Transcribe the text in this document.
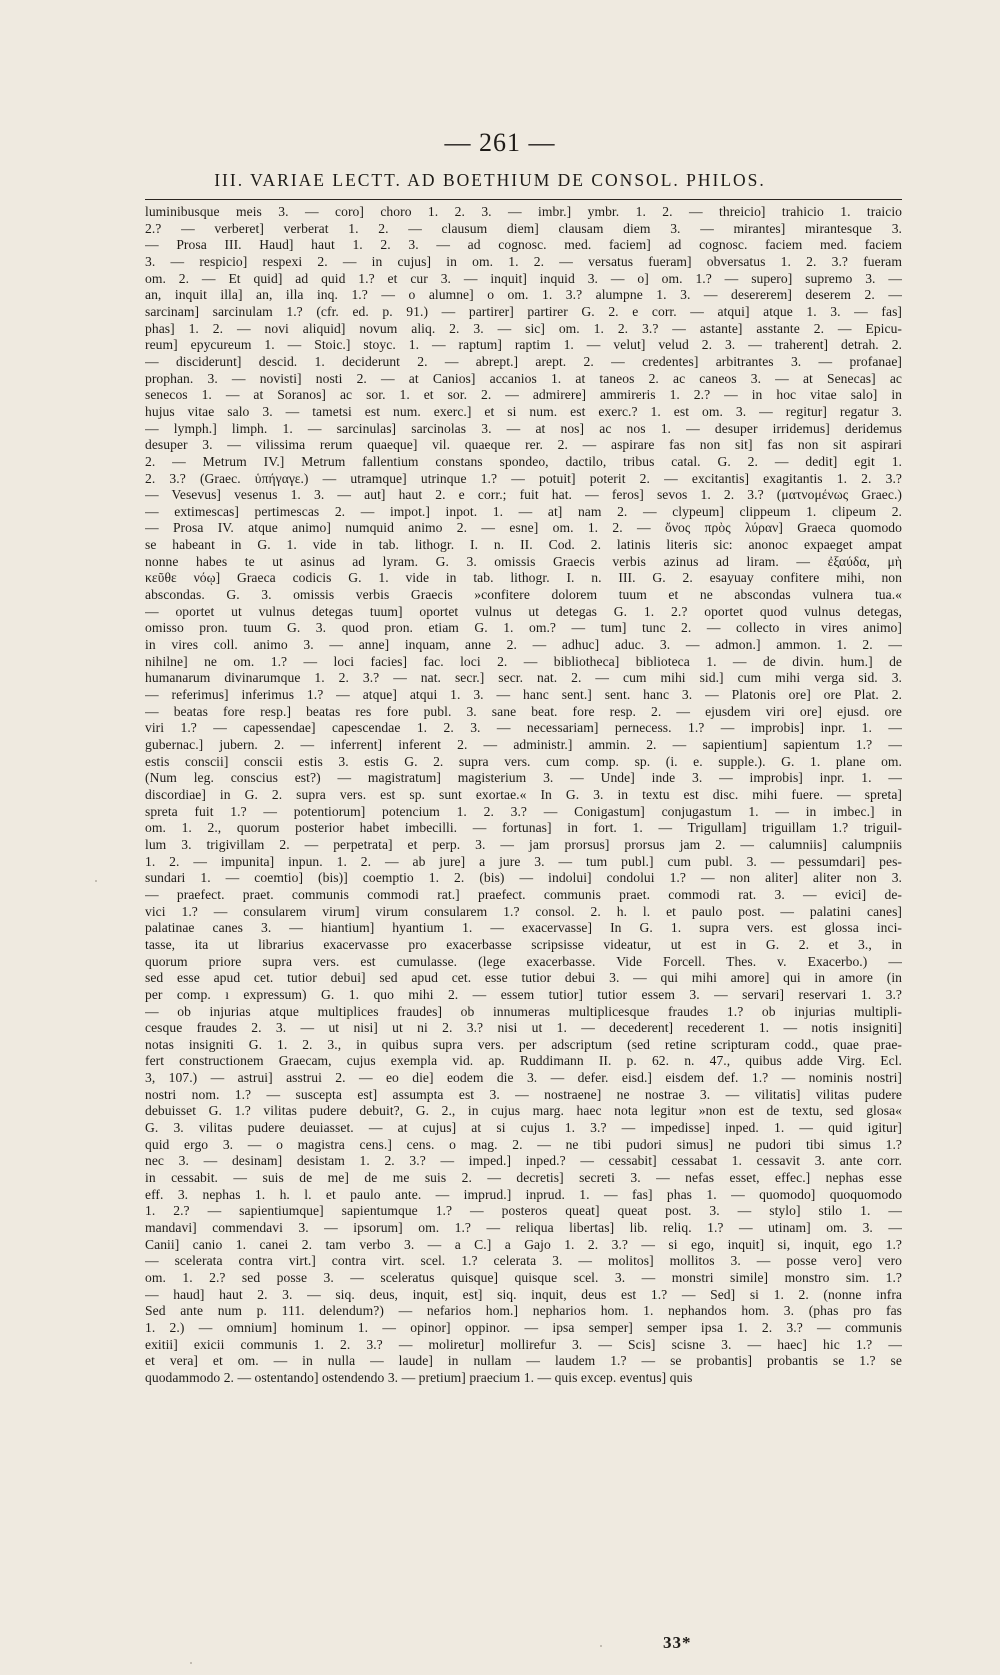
— 261 —
III. VARIAE LECTT. AD BOETHIUM DE CONSOL. PHILOS.
luminibusque meis 3. — coro] choro 1. 2. 3. — imbr.] ymbr. 1. 2. — threicio] trahicio 1. traicio
2.? — verberet] verberat 1. 2. — clausum diem] clausam diem 3. — mirantes] mirantesque 3.
— Prosa III. Haud] haut 1. 2. 3. — ad cognosc. med. faciem] ad cognosc. faciem med. faciem
3. — respicio] respexi 2. — in cujus] in om. 1. 2. — versatus fueram] obversatus 1. 2. 3.? fueram
om. 2. — Et quid] ad quid 1.? et cur 3. — inquit] inquid 3. — o] om. 1.? — supero] supremo 3. —
an, inquit illa] an, illa inq. 1.? — o alumne] o om. 1. 3.? alumpne 1. 3. — desererem] deserem 2. —
sarcinam] sarcinulam 1.? (cfr. ed. p. 91.) — partirer] partirer G. 2. e corr. — atqui] atque 1. 3. — fas]
phas] 1. 2. — novi aliquid] novum aliq. 2. 3. — sic] om. 1. 2. 3.? — astante] asstante 2. — Epicu-
reum] epycureum 1. — Stoic.] stoyc. 1. — raptum] raptim 1. — velut] velud 2. 3. — traherent] detrah. 2.
— disciderunt] descid. 1. deciderunt 2. — abrept.] arept. 2. — credentes] arbitrantes 3. — profanae]
prophan. 3. — novisti] nosti 2. — at Canios] accanios 1. at taneos 2. ac caneos 3. — at Senecas] ac
senecos 1. — at Soranos] ac sor. 1. et sor. 2. — admirere] ammireris 1. 2.? — in hoc vitae salo] in
hujus vitae salo 3. — tametsi est num. exerc.] et si num. est exerc.? 1. est om. 3. — regitur] regatur 3.
— lymph.] limph. 1. — sarcinulas] sarcinolas 3. — at nos] ac nos 1. — desuper irridemus] deridemus
desuper 3. — vilissima rerum quaeque] vil. quaeque rer. 2. — aspirare fas non sit] fas non sit aspirari
2. — Metrum IV.] Metrum fallentium constans spondeo, dactilo, tribus catal. G. 2. — dedit] egit 1.
2. 3.? (Graec. ὑπήγαγε.) — utramque] utrinque 1.? — potuit] poterit 2. — excitantis] exagitantis 1. 2. 3.?
— Vesevus] vesenus 1. 3. — aut] haut 2. e corr.; fuit hat. — feros] sevos 1. 2. 3.? (ματνομένως Graec.)
— extimescas] pertimescas 2. — impot.] inpot. 1. — at] nam 2. — clypeum] clippeum 1. clipeum 2.
— Prosa IV. atque animo] numquid animo 2. — esne] om. 1. 2. — ὄνος πρὸς λύραν] Graeca quomodo
se habeant in G. 1. vide in tab. lithogr. I. n. II. Cod. 2. latinis literis sic: anonoc expaeget ampat
nonne habes te ut asinus ad lyram. G. 3. omissis Graecis verbis azinus ad liram. — ἐξαύδα, μὴ
κεῦθε νόῳ] Graeca codicis G. 1. vide in tab. lithogr. I. n. III. G. 2. esayuay confitere mihi, non
abscondas. G. 3. omissis verbis Graecis »confitere dolorem tuum et ne abscondas vulnera tua.«
— oportet ut vulnus detegas tuum] oportet vulnus ut detegas G. 1. 2.? oportet quod vulnus detegas,
omisso pron. tuum G. 3. quod pron. etiam G. 1. om.? — tum] tunc 2. — collecto in vires animo]
in vires coll. animo 3. — anne] inquam, anne 2. — adhuc] aduc. 3. — admon.] ammon. 1. 2. —
nihilne] ne om. 1.? — loci facies] fac. loci 2. — bibliotheca] biblioteca 1. — de divin. hum.] de
humanarum divinarumque 1. 2. 3.? — nat. secr.] secr. nat. 2. — cum mihi sid.] cum mihi verga sid. 3.
— referimus] inferimus 1.? — atque] atqui 1. 3. — hanc sent.] sent. hanc 3. — Platonis ore] ore Plat. 2.
— beatas fore resp.] beatas res fore publ. 3. sane beat. fore resp. 2. — ejusdem viri ore] ejusd. ore
viri 1.? — capessendae] capescendae 1. 2. 3. — necessariam] pernecess. 1.? — improbis] inpr. 1. —
gubernac.] jubern. 2. — inferrent] inferent 2. — administr.] ammin. 2. — sapientium] sapientum 1.? —
estis conscii] conscii estis 3. estis G. 2. supra vers. cum comp. sp. (i. e. supple.). G. 1. plane om.
(Num leg. conscius est?) — magistratum] magisterium 3. — Unde] inde 3. — improbis] inpr. 1. —
discordiae] in G. 2. supra vers. est sp. sunt exortae.« In G. 3. in textu est disc. mihi fuere. — spreta]
spreta fuit 1.? — potentiorum] potencium 1. 2. 3.? — Conigastum] conjugastum 1. — in imbec.] in
om. 1. 2., quorum posterior habet imbecilli. — fortunas] in fort. 1. — Trigullam] triguillam 1.? triguil-
lum 3. trigivillam 2. — perpetrata] et perp. 3. — jam prorsus] prorsus jam 2. — calumniis] calumpniis
1. 2. — impunita] inpun. 1. 2. — ab jure] a jure 3. — tum publ.] cum publ. 3. — pessumdari] pes-
sundari 1. — coemtio] (bis)] coemptio 1. 2. (bis) — indolui] condolui 1.? — non aliter] aliter non 3.
— praefect. praet. communis commodi rat.] praefect. communis praet. commodi rat. 3. — evici] de-
vici 1.? — consularem virum] virum consularem 1.? consol. 2. h. l. et paulo post. — palatini canes]
palatinae canes 3. — hiantium] hyantium 1. — exacervasse] In G. 1. supra vers. est glossa inci-
tasse, ita ut librarius exacervasse pro exacerbasse scripsisse videatur, ut est in G. 2. et 3., in
quorum priore supra vers. est cumulasse. (lege exacerbasse. Vide Forcell. Thes. v. Exacerbo.) —
sed esse apud cet. tutior debui] sed apud cet. esse tutior debui 3. — qui mihi amore] qui in amore (in
per comp. ı expressum) G. 1. quo mihi 2. — essem tutior] tutior essem 3. — servari] reservari 1. 3.?
— ob injurias atque multiplices fraudes] ob innumeras multiplicesque fraudes 1.? ob injurias multipli-
cesque fraudes 2. 3. — ut nisi] ut ni 2. 3.? nisi ut 1. — decederent] recederent 1. — notis insigniti]
notas insigniti G. 1. 2. 3., in quibus supra vers. per adscriptum (sed retine scripturam codd., quae prae-
fert constructionem Graecam, cujus exempla vid. ap. Ruddimann II. p. 62. n. 47., quibus adde Virg. Ecl.
3, 107.) — astrui] asstrui 2. — eo die] eodem die 3. — defer. eisd.] eisdem def. 1.? — nominis nostri]
nostri nom. 1.? — suscepta est] assumpta est 3. — nostraene] ne nostrae 3. — vilitatis] vilitas pudere
debuisset G. 1.? vilitas pudere debuit?, G. 2., in cujus marg. haec nota legitur »non est de textu, sed glosa«
G. 3. vilitas pudere deuiasset. — at cujus] at si cujus 1. 3.? — impedisse] inped. 1. — quid igitur]
quid ergo 3. — o magistra cens.] cens. o mag. 2. — ne tibi pudori simus] ne pudori tibi simus 1.?
nec 3. — desinam] desistam 1. 2. 3.? — imped.] inped.? — cessabit] cessabat 1. cessavit 3. ante corr.
in cessabit. — suis de me] de me suis 2. — decretis] secreti 3. — nefas esset, effec.] nephas esse
eff. 3. nephas 1. h. l. et paulo ante. — imprud.] inprud. 1. — fas] phas 1. — quomodo] quoquomodo
1. 2.? — sapientiumque] sapientumque 1.? — posteros queat] queat post. 3. — stylo] stilo 1. —
mandavi] commendavi 3. — ipsorum] om. 1.? — reliqua libertas] lib. reliq. 1.? — utinam] om. 3. —
Canii] canio 1. canei 2. tam verbo 3. — a C.] a Gajo 1. 2. 3.? — si ego, inquit] si, inquit, ego 1.?
— scelerata contra virt.] contra virt. scel. 1.? celerata 3. — molitos] mollitos 3. — posse vero] vero
om. 1. 2.? sed posse 3. — sceleratus quisque] quisque scel. 3. — monstri simile] monstro sim. 1.?
— haud] haut 2. 3. — siq. deus, inquit, est] siq. inquit, deus est 1.? — Sed] si 1. 2. (nonne infra
Sed ante num p. 111. delendum?) — nefarios hom.] nepharios hom. 1. nephandos hom. 3. (phas pro fas
1. 2.) — omnium] hominum 1. — opinor] oppinor. — ipsa semper] semper ipsa 1. 2. 3.? — communis
exitii] exicii communis 1. 2. 3.? — moliretur] mollirefur 3. — Scis] scisne 3. — haec] hic 1.? —
et vera] et om. — in nulla — laude] in nullam — laudem 1.? — se probantis] probantis se 1.? se
quodammodo 2. — ostentando] ostendendo 3. — pretium] praecium 1. — quis excep. eventus] quis
33*
